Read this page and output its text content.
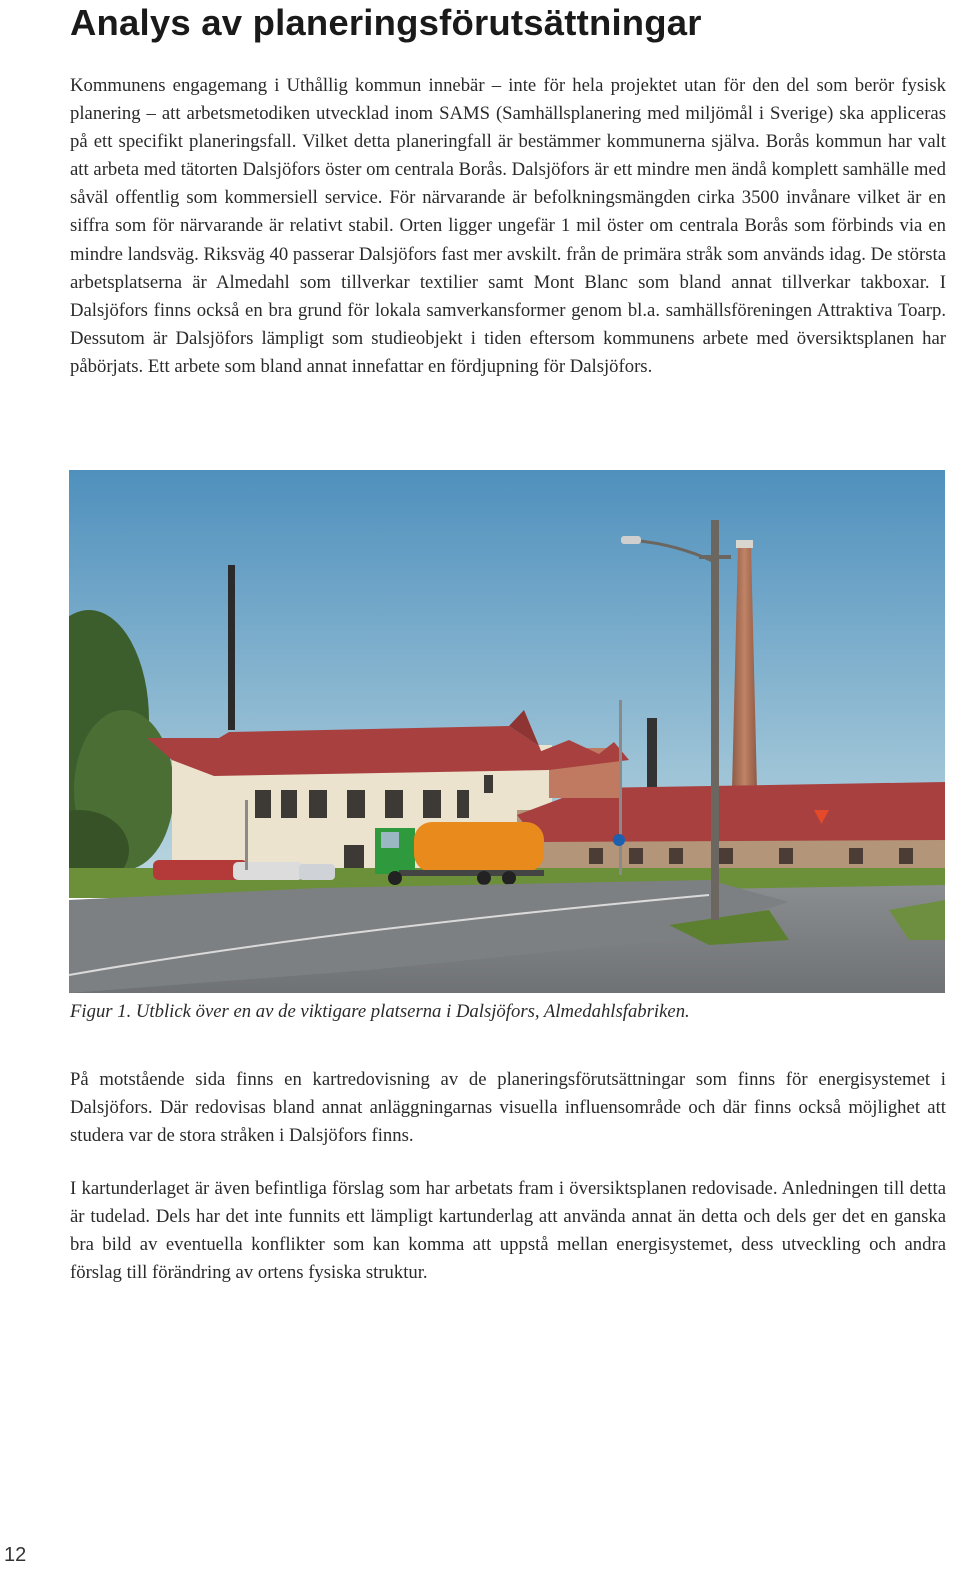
Analys av planeringsförutsättningar

Kommunens engagemang i Uthållig kommun innebär – inte för hela projektet utan för den del som berör fysisk planering – att arbetsmetodiken utvecklad inom SAMS (Samhällsplanering med miljömål i Sverige) ska appliceras på ett specifikt planeringsfall. Vilket detta planeringfall är bestämmer kommunerna själva. Borås kommun har valt att arbeta med tätorten Dalsjöfors öster om centrala Borås. Dalsjöfors är ett mindre men ändå komplett samhälle med såväl offentlig som kommersiell service. För närvarande är befolkningsmängden cirka 3500 invånare vilket är en siffra som för närvarande är relativt stabil. Orten ligger ungefär 1 mil öster om centrala Borås som förbinds via en mindre landsväg. Riksväg 40 passerar Dalsjöfors fast mer avskilt. från de primära stråk som används idag. De största arbetsplatserna är Almedahl som tillverkar textilier samt Mont Blanc som bland annat tillverkar takboxar. I Dalsjöfors finns också en bra grund för lokala samverkansformer genom bl.a. samhällsföreningen Attraktiva Toarp. Dessutom är Dalsjöfors lämpligt som studieobjekt i tiden eftersom kommunens arbete med översiktsplanen har påbörjats. Ett arbete som bland annat innefattar en fördjupning för Dalsjöfors.

Figur 1. Utblick över en av de viktigare platserna i Dalsjöfors, Almedahlsfabriken.

På motstående sida finns en kartredovisning av de planeringsförutsättningar som finns för energisystemet i Dalsjöfors. Där redovisas bland annat anläggningarnas visuella influensområde och där finns också möjlighet att studera var de stora stråken i Dalsjöfors finns.

I kartunderlaget är även befintliga förslag som har arbetats fram i översiktsplanen redovisade. Anledningen till detta är tudelad. Dels har det inte funnits ett lämpligt kartunderlag att använda annat än detta och dels ger det en ganska bra bild av eventuella konflikter som kan komma att uppstå mellan energisystemet, dess utveckling och andra förslag till förändring av ortens fysiska struktur.

12
